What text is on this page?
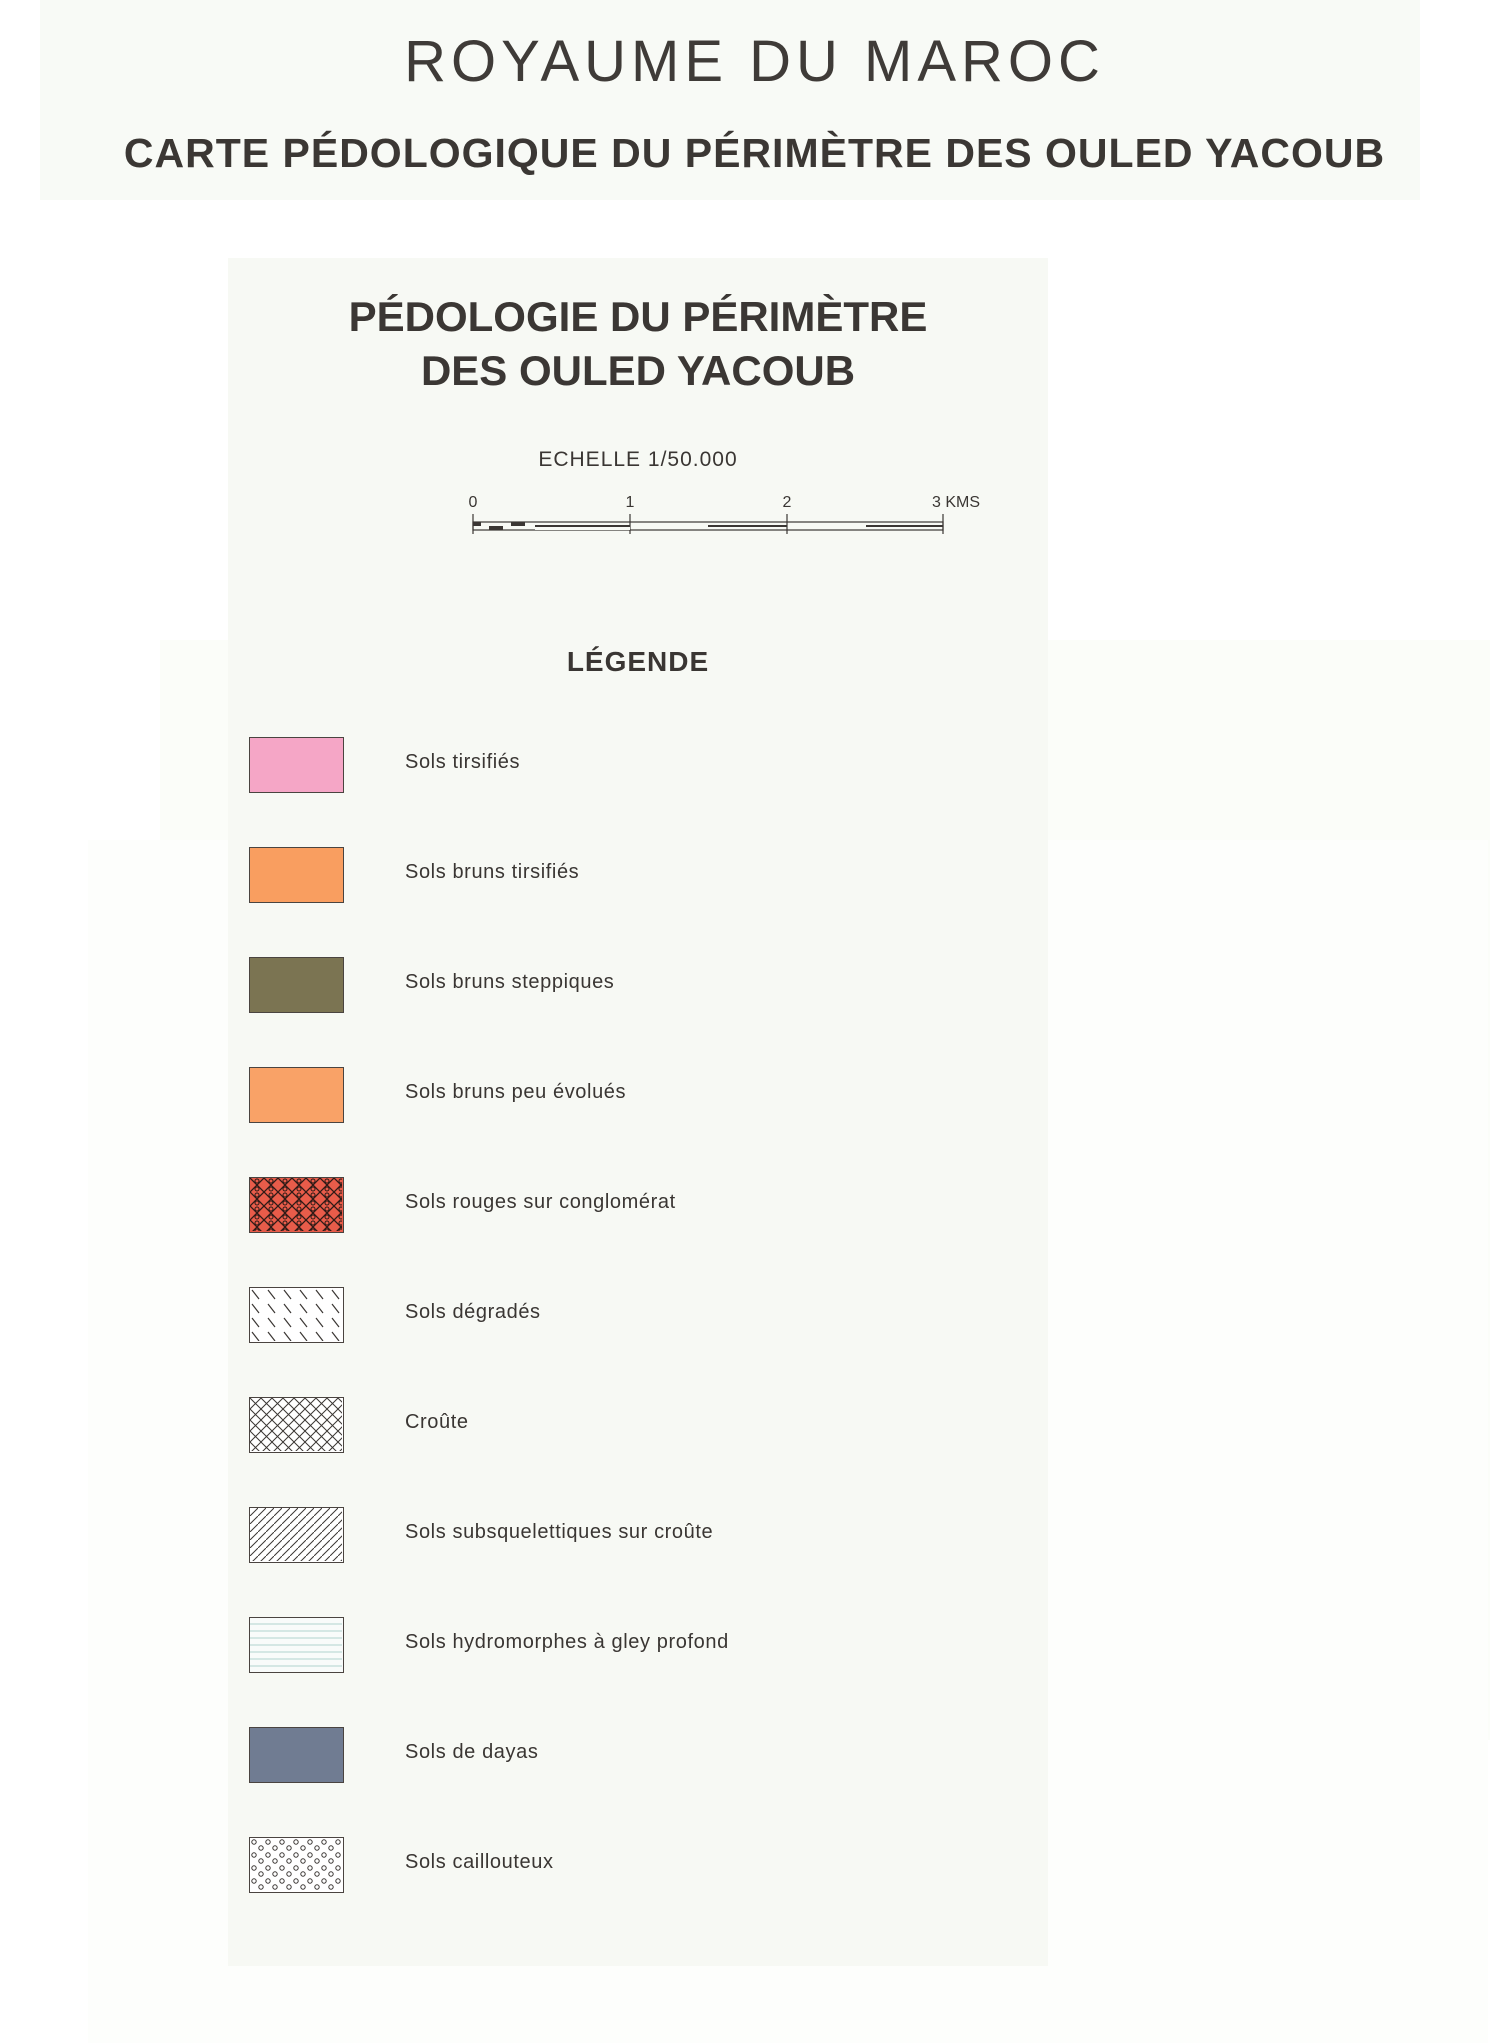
ROYAUME DU MAROC
CARTE PÉDOLOGIQUE DU PÉRIMÈTRE DES OULED YACOUB
PÉDOLOGIE DU PÉRIMÈTRE
DES OULED YACOUB
ECHELLE 1/50.000
0	1	2	3 KMS
LÉGENDE
Sols tirsifiés
Sols bruns tirsifiés
Sols bruns steppiques
Sols bruns peu évolués
Sols rouges sur conglomérat
Sols dégradés
Croûte
Sols subsquelettiques sur croûte
Sols hydromorphes à gley profond
Sols de dayas
Sols caillouteux
